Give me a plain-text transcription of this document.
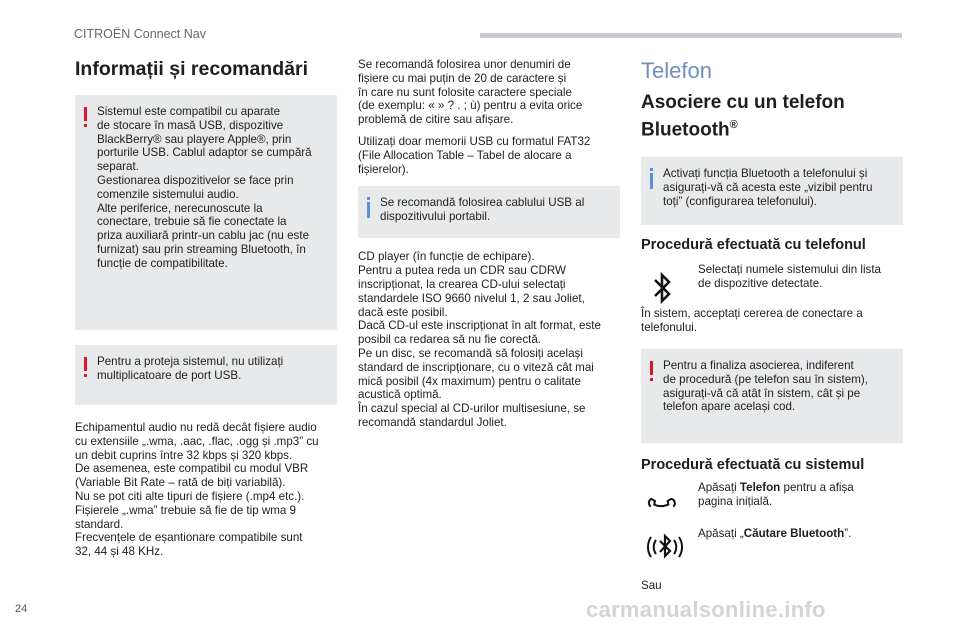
CITROËN Connect Nav
Informații și recomandări

Sistemul este compatibil cu aparate
de stocare în masă USB, dispozitive
BlackBerry® sau playere Apple®, prin
porturile USB. Cablul adaptor se cumpără
separat.
Gestionarea dispozitivelor se face prin
comenzile sistemului audio.
Alte periferice, nerecunoscute la
conectare, trebuie să fie conectate la
priza auxiliară printr-un cablu jac (nu este
furnizat) sau prin streaming Bluetooth, în
funcție de compatibilitate.

Pentru a proteja sistemul, nu utilizați
multiplicatoare de port USB.

Echipamentul audio nu redă decât fișiere audio
cu extensiile „.wma, .aac, .flac, .ogg și .mp3” cu
un debit cuprins între 32 kbps și 320 kbps.
De asemenea, este compatibil cu modul VBR
(Variable Bit Rate – rată de biți variabilă).
Nu se pot citi alte tipuri de fișiere (.mp4 etc.).
Fișierele „.wma” trebuie să fie de tip wma 9
standard.
Frecvențele de eșantionare compatibile sunt
32, 44 și 48 KHz.

Se recomandă folosirea unor denumiri de
fișiere cu mai puțin de 20 de caractere și
în care nu sunt folosite caractere speciale
(de exemplu: « » ? . ; ù) pentru a evita orice
problemă de citire sau afișare.

Utilizați doar memorii USB cu formatul FAT32
(File Allocation Table – Tabel de alocare a
fișierelor).

Se recomandă folosirea cablului USB al
dispozitivului portabil.

CD player (în funcție de echipare).
Pentru a putea reda un CDR sau CDRW
inscripționat, la crearea CD-ului selectați
standardele ISO 9660 nivelul 1, 2 sau Joliet,
dacă este posibil.
Dacă CD-ul este inscripționat în alt format, este
posibil ca redarea să nu fie corectă.
Pe un disc, se recomandă să folosiți același
standard de inscripționare, cu o viteză cât mai
mică posibil (4x maximum) pentru o calitate
acustică optimă.
În cazul special al CD-urilor multisesiune, se
recomandă standardul Joliet.

Telefon
Asociere cu un telefon
Bluetooth®

Activați funcția Bluetooth a telefonului și
asigurați-vă că acesta este „vizibil pentru
toți” (configurarea telefonului).

Procedură efectuată cu telefonul

Selectați numele sistemului din lista
de dispozitive detectate.

În sistem, acceptați cererea de conectare a
telefonului.

Pentru a finaliza asocierea, indiferent
de procedură (pe telefon sau în sistem),
asigurați-vă că atât în sistem, cât și pe
telefon apare același cod.

Procedură efectuată cu sistemul

Apăsați Telefon pentru a afișa
pagina inițială.

Apăsați „Căutare Bluetooth”.

Sau

24	carmanualsonline.info
